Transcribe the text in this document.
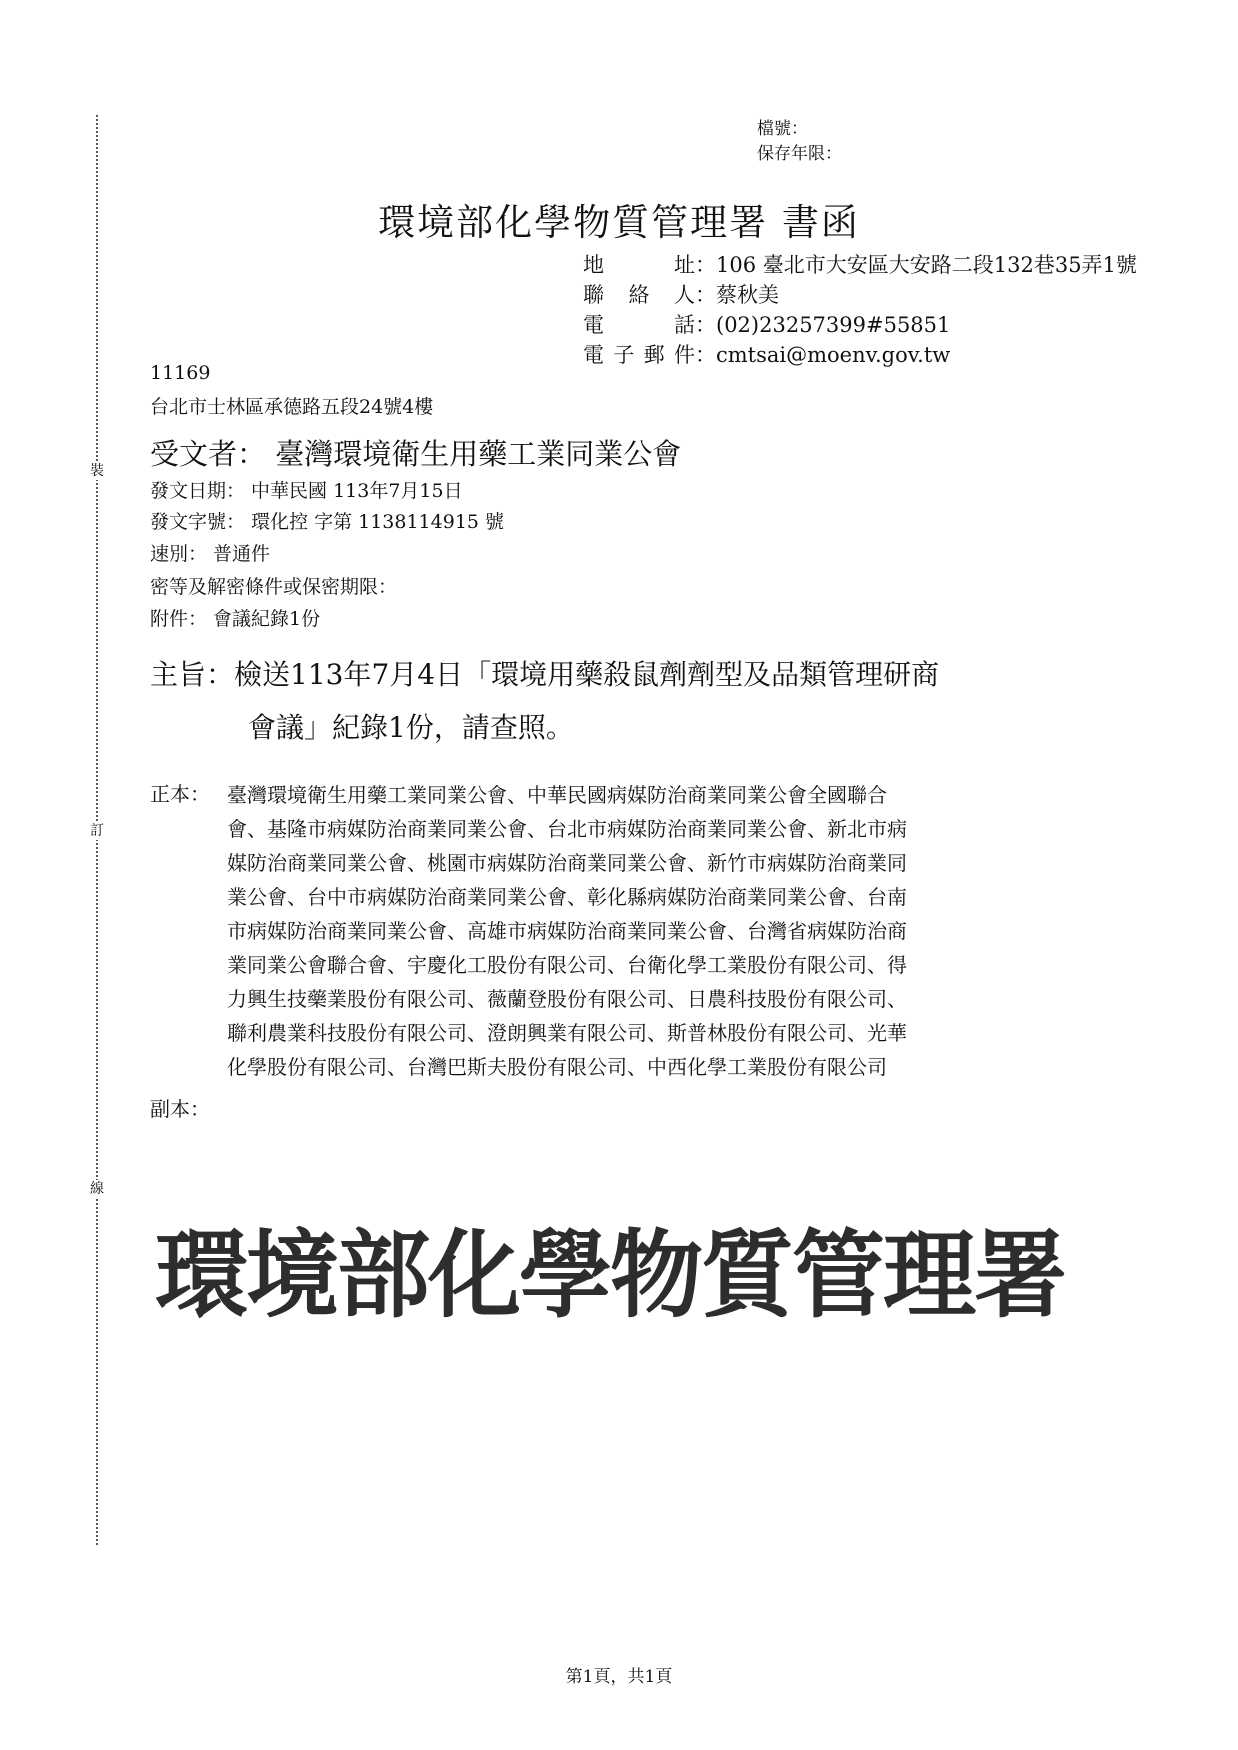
裝
訂
線
檔號：
保存年限：
環境部化學物質管理署 書函
地　　址：106 臺北市大安區大安路二段132巷35弄1號
聯 絡 人：蔡秋美
電　　話：(02)23257399#55851
電子郵件：cmtsai@moenv.gov.tw
11169
台北市士林區承德路五段24號4樓
受文者： 臺灣環境衛生用藥工業同業公會
發文日期： 中華民國 113年7月15日
發文字號： 環化控 字第 1138114915 號
速別： 普通件
密等及解密條件或保密期限：
附件： 會議紀錄1份
主旨：檢送113年7月4日「環境用藥殺鼠劑劑型及品類管理研商
會議」紀錄1份，請查照。
正本： 臺灣環境衛生用藥工業同業公會、中華民國病媒防治商業同業公會全國聯合
會、基隆市病媒防治商業同業公會、台北市病媒防治商業同業公會、新北市病
媒防治商業同業公會、桃園市病媒防治商業同業公會、新竹市病媒防治商業同
業公會、台中市病媒防治商業同業公會、彰化縣病媒防治商業同業公會、台南
市病媒防治商業同業公會、高雄市病媒防治商業同業公會、台灣省病媒防治商
業同業公會聯合會、宇慶化工股份有限公司、台衛化學工業股份有限公司、得
力興生技藥業股份有限公司、薇蘭登股份有限公司、日農科技股份有限公司、
聯利農業科技股份有限公司、澄朗興業有限公司、斯普林股份有限公司、光華
化學股份有限公司、台灣巴斯夫股份有限公司、中西化學工業股份有限公司
副本：
環境部化學物質管理署
第1頁，共1頁
